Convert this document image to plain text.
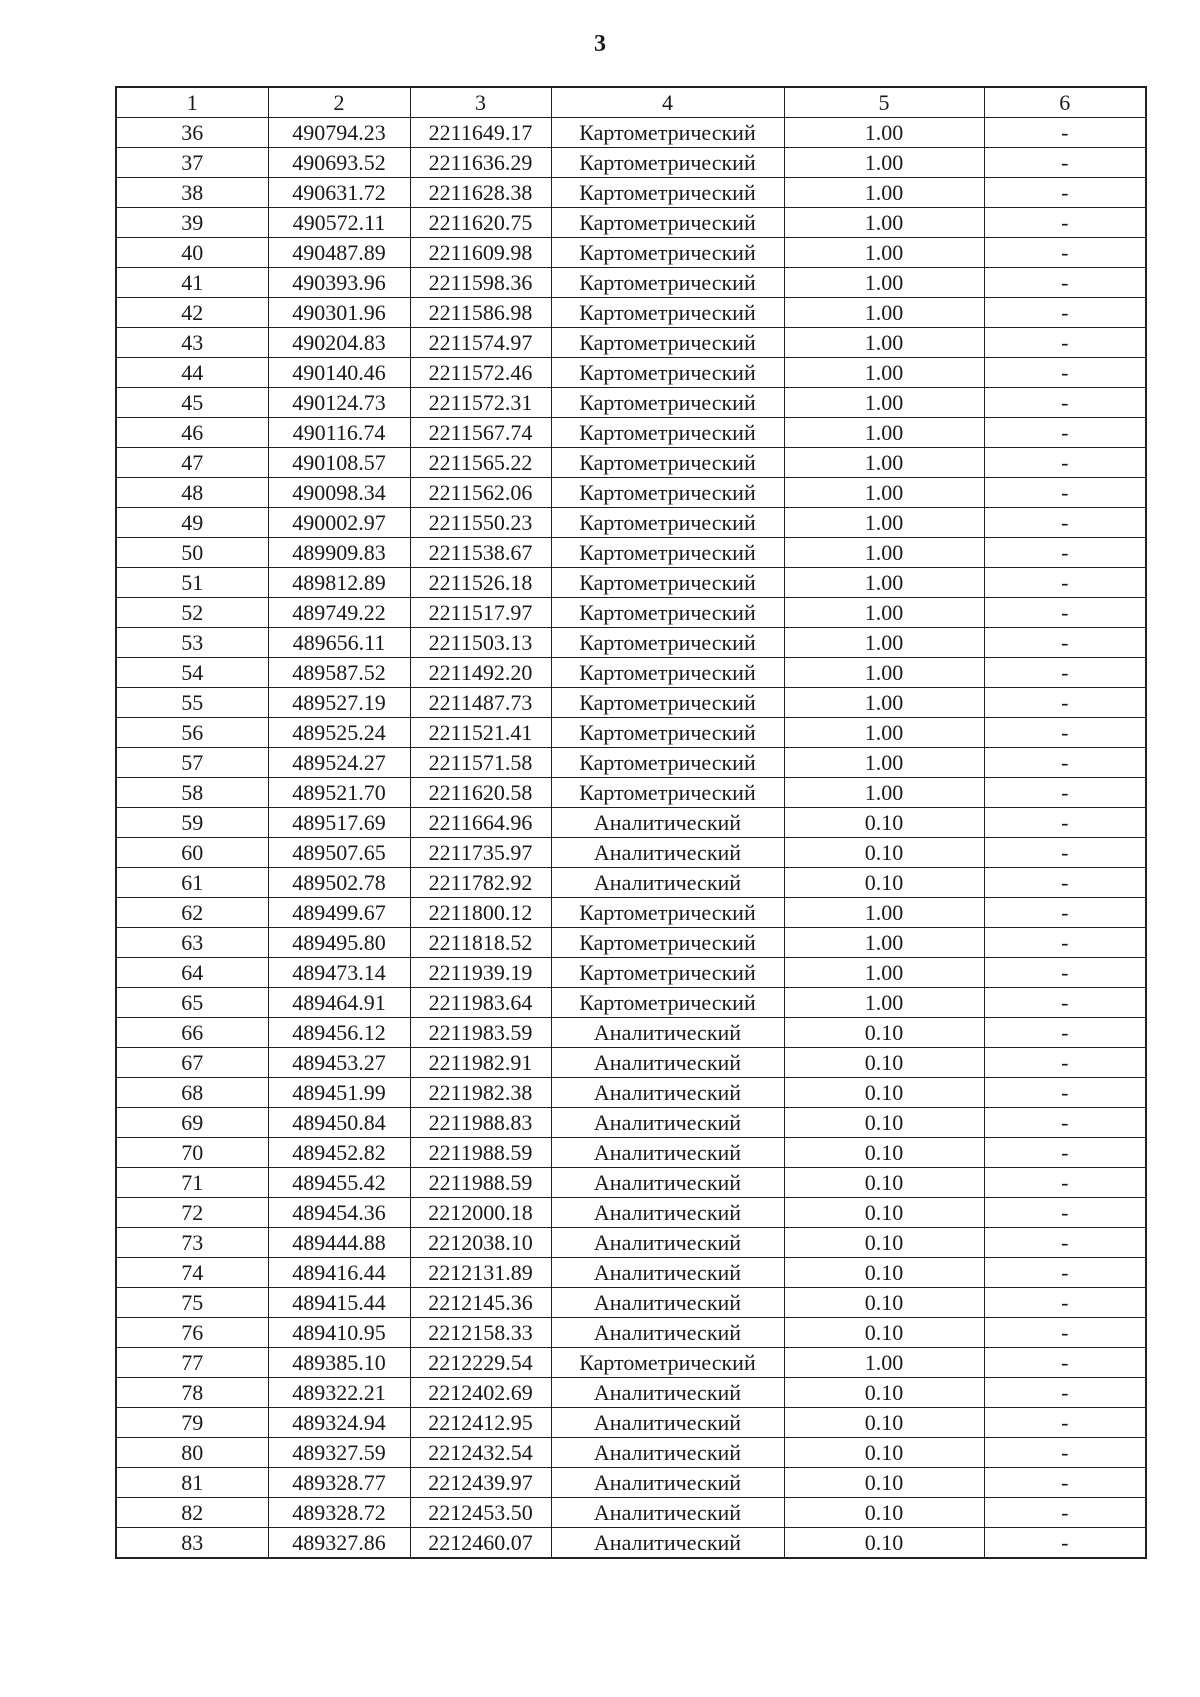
3
1	2	3	4	5	6
36	490794.23	2211649.17	Картометрический	1.00	-
37	490693.52	2211636.29	Картометрический	1.00	-
38	490631.72	2211628.38	Картометрический	1.00	-
39	490572.11	2211620.75	Картометрический	1.00	-
40	490487.89	2211609.98	Картометрический	1.00	-
41	490393.96	2211598.36	Картометрический	1.00	-
42	490301.96	2211586.98	Картометрический	1.00	-
43	490204.83	2211574.97	Картометрический	1.00	-
44	490140.46	2211572.46	Картометрический	1.00	-
45	490124.73	2211572.31	Картометрический	1.00	-
46	490116.74	2211567.74	Картометрический	1.00	-
47	490108.57	2211565.22	Картометрический	1.00	-
48	490098.34	2211562.06	Картометрический	1.00	-
49	490002.97	2211550.23	Картометрический	1.00	-
50	489909.83	2211538.67	Картометрический	1.00	-
51	489812.89	2211526.18	Картометрический	1.00	-
52	489749.22	2211517.97	Картометрический	1.00	-
53	489656.11	2211503.13	Картометрический	1.00	-
54	489587.52	2211492.20	Картометрический	1.00	-
55	489527.19	2211487.73	Картометрический	1.00	-
56	489525.24	2211521.41	Картометрический	1.00	-
57	489524.27	2211571.58	Картометрический	1.00	-
58	489521.70	2211620.58	Картометрический	1.00	-
59	489517.69	2211664.96	Аналитический	0.10	-
60	489507.65	2211735.97	Аналитический	0.10	-
61	489502.78	2211782.92	Аналитический	0.10	-
62	489499.67	2211800.12	Картометрический	1.00	-
63	489495.80	2211818.52	Картометрический	1.00	-
64	489473.14	2211939.19	Картометрический	1.00	-
65	489464.91	2211983.64	Картометрический	1.00	-
66	489456.12	2211983.59	Аналитический	0.10	-
67	489453.27	2211982.91	Аналитический	0.10	-
68	489451.99	2211982.38	Аналитический	0.10	-
69	489450.84	2211988.83	Аналитический	0.10	-
70	489452.82	2211988.59	Аналитический	0.10	-
71	489455.42	2211988.59	Аналитический	0.10	-
72	489454.36	2212000.18	Аналитический	0.10	-
73	489444.88	2212038.10	Аналитический	0.10	-
74	489416.44	2212131.89	Аналитический	0.10	-
75	489415.44	2212145.36	Аналитический	0.10	-
76	489410.95	2212158.33	Аналитический	0.10	-
77	489385.10	2212229.54	Картометрический	1.00	-
78	489322.21	2212402.69	Аналитический	0.10	-
79	489324.94	2212412.95	Аналитический	0.10	-
80	489327.59	2212432.54	Аналитический	0.10	-
81	489328.77	2212439.97	Аналитический	0.10	-
82	489328.72	2212453.50	Аналитический	0.10	-
83	489327.86	2212460.07	Аналитический	0.10	-
